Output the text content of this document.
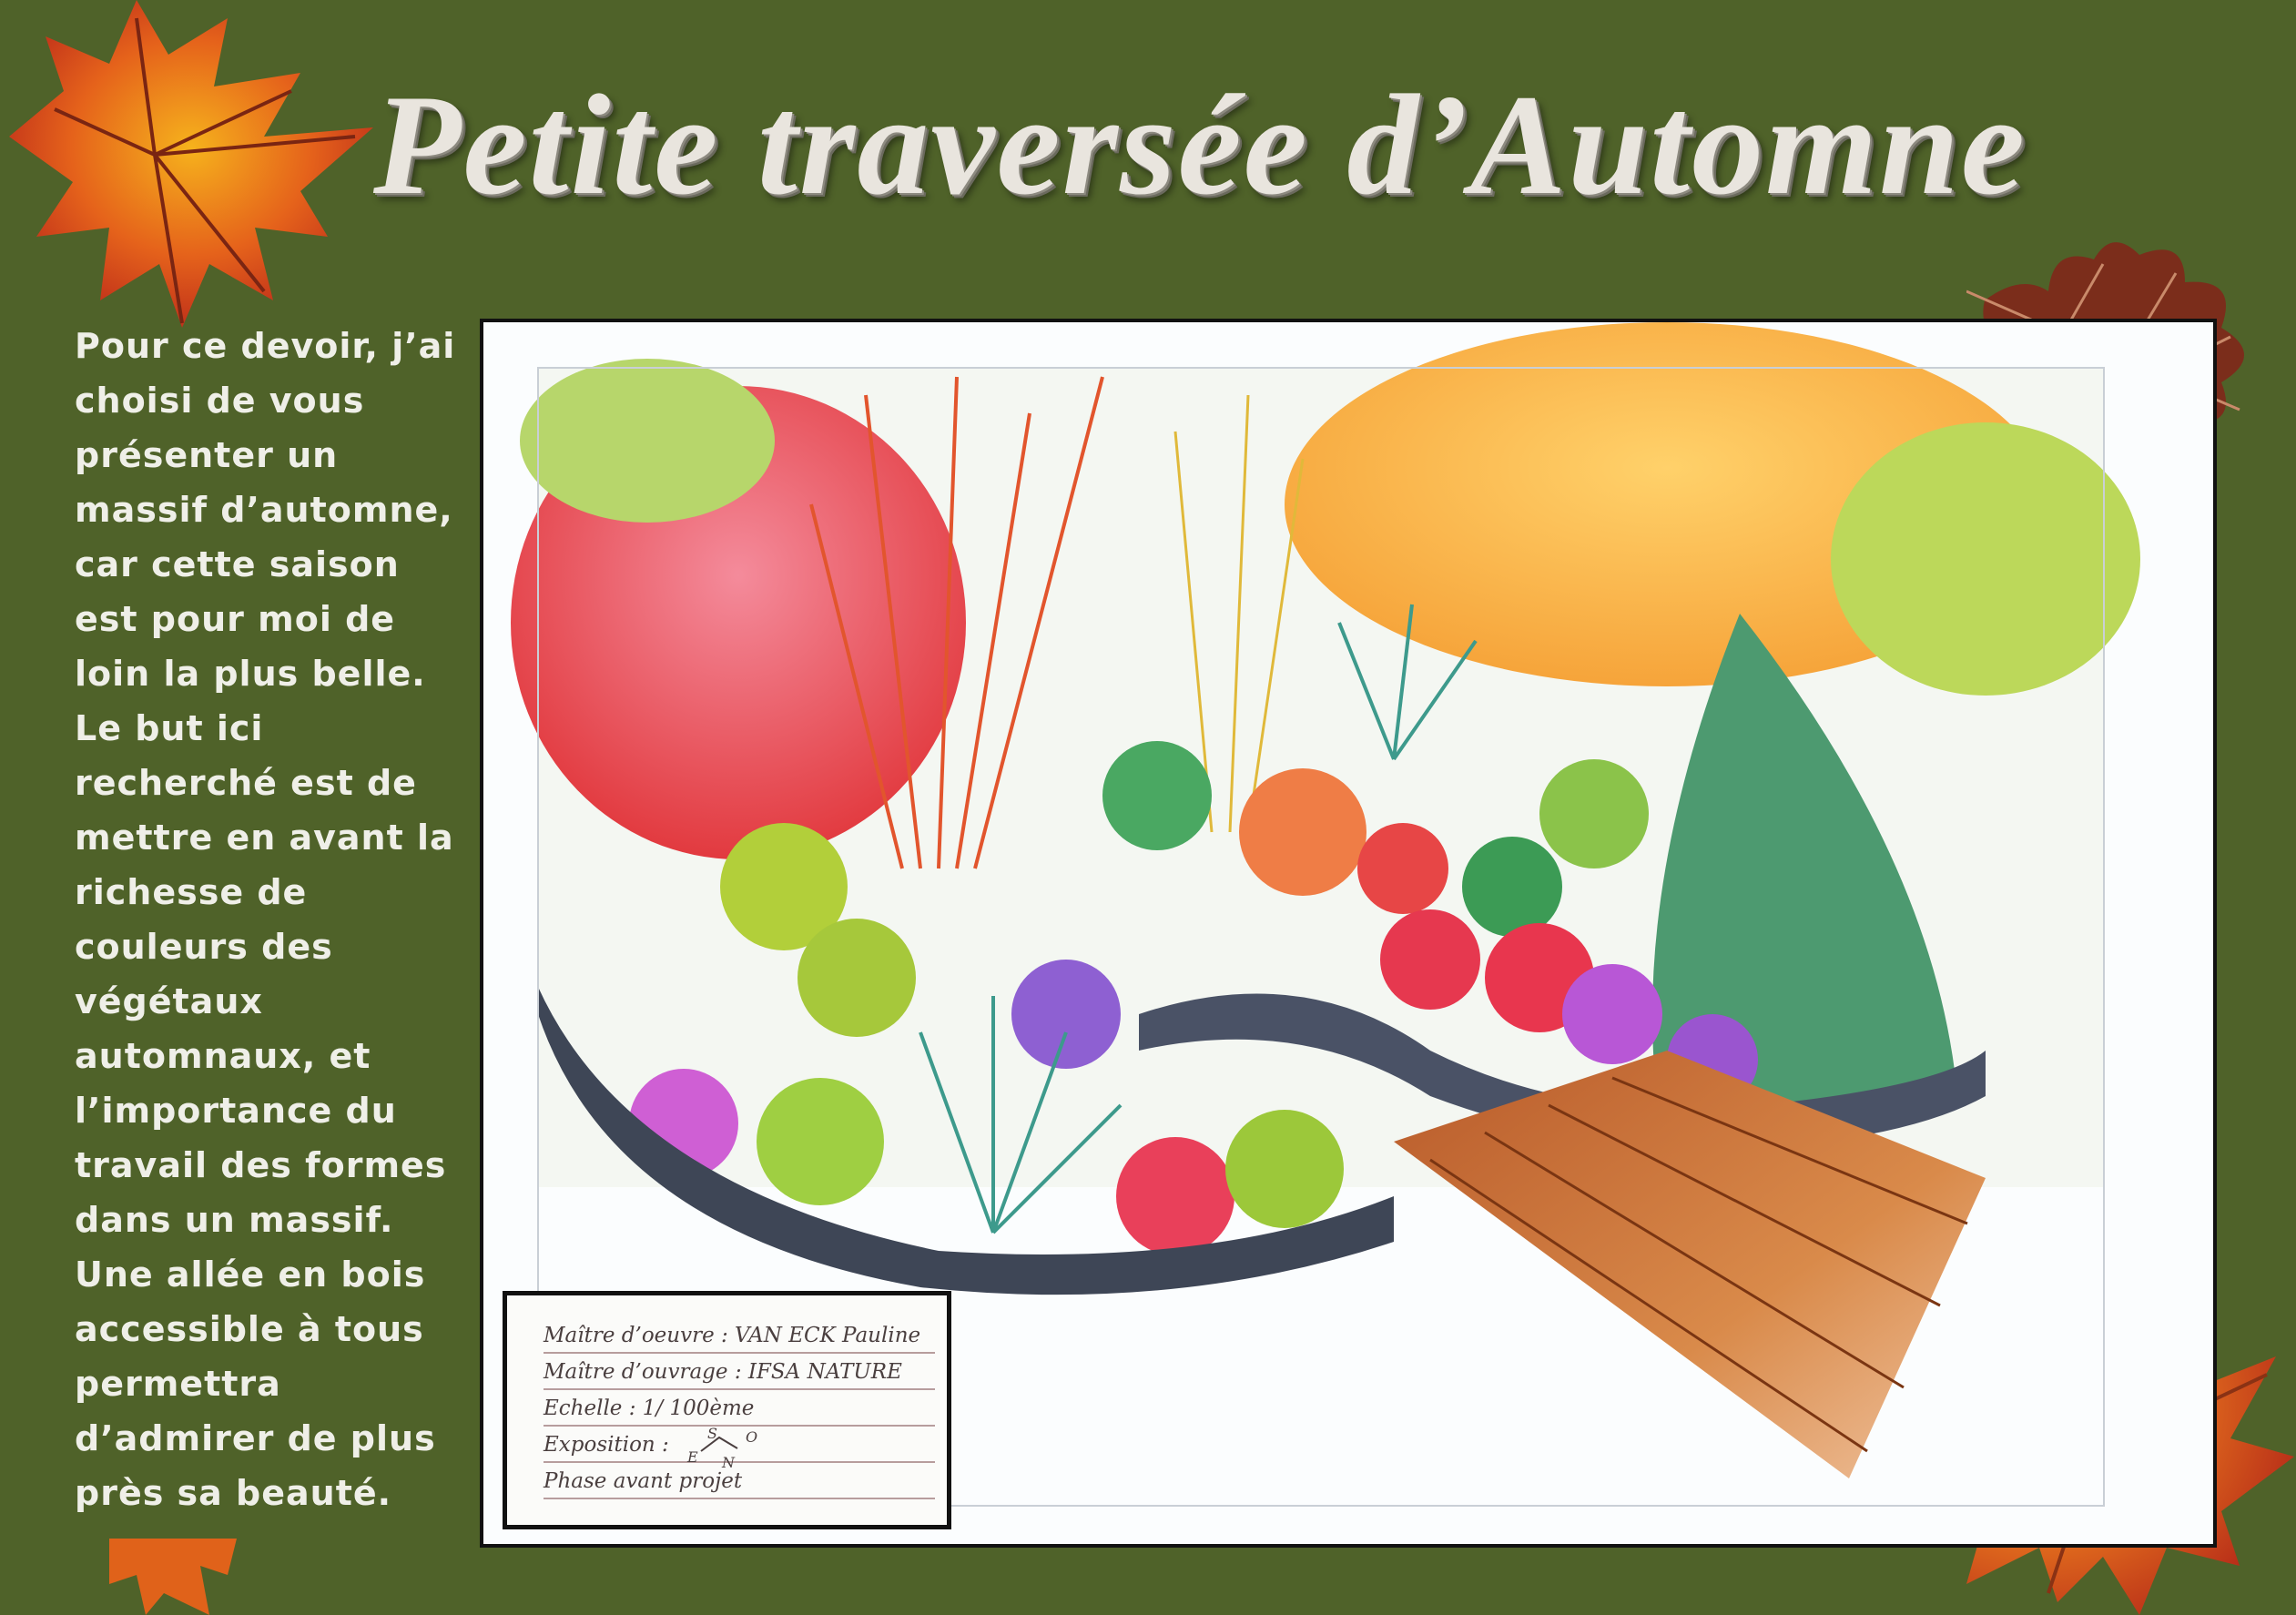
Petite traversée d’Automne
Pour ce devoir, j’ai choisi de vous présenter un massif d’automne, car cette saison est pour moi de loin la plus belle. Le but ici recherché est de mettre en avant la richesse de couleurs des végétaux automnaux, et l’importance du travail des formes dans un massif. Une allée en bois accessible à tous permettra d’admirer de plus près sa beauté.
Maître d’oeuvre : VAN ECK Pauline
Maître d’ouvrage : IFSA NATURE
Echelle : 1/ 100ème
Exposition :	S O
E N
Phase avant projet
